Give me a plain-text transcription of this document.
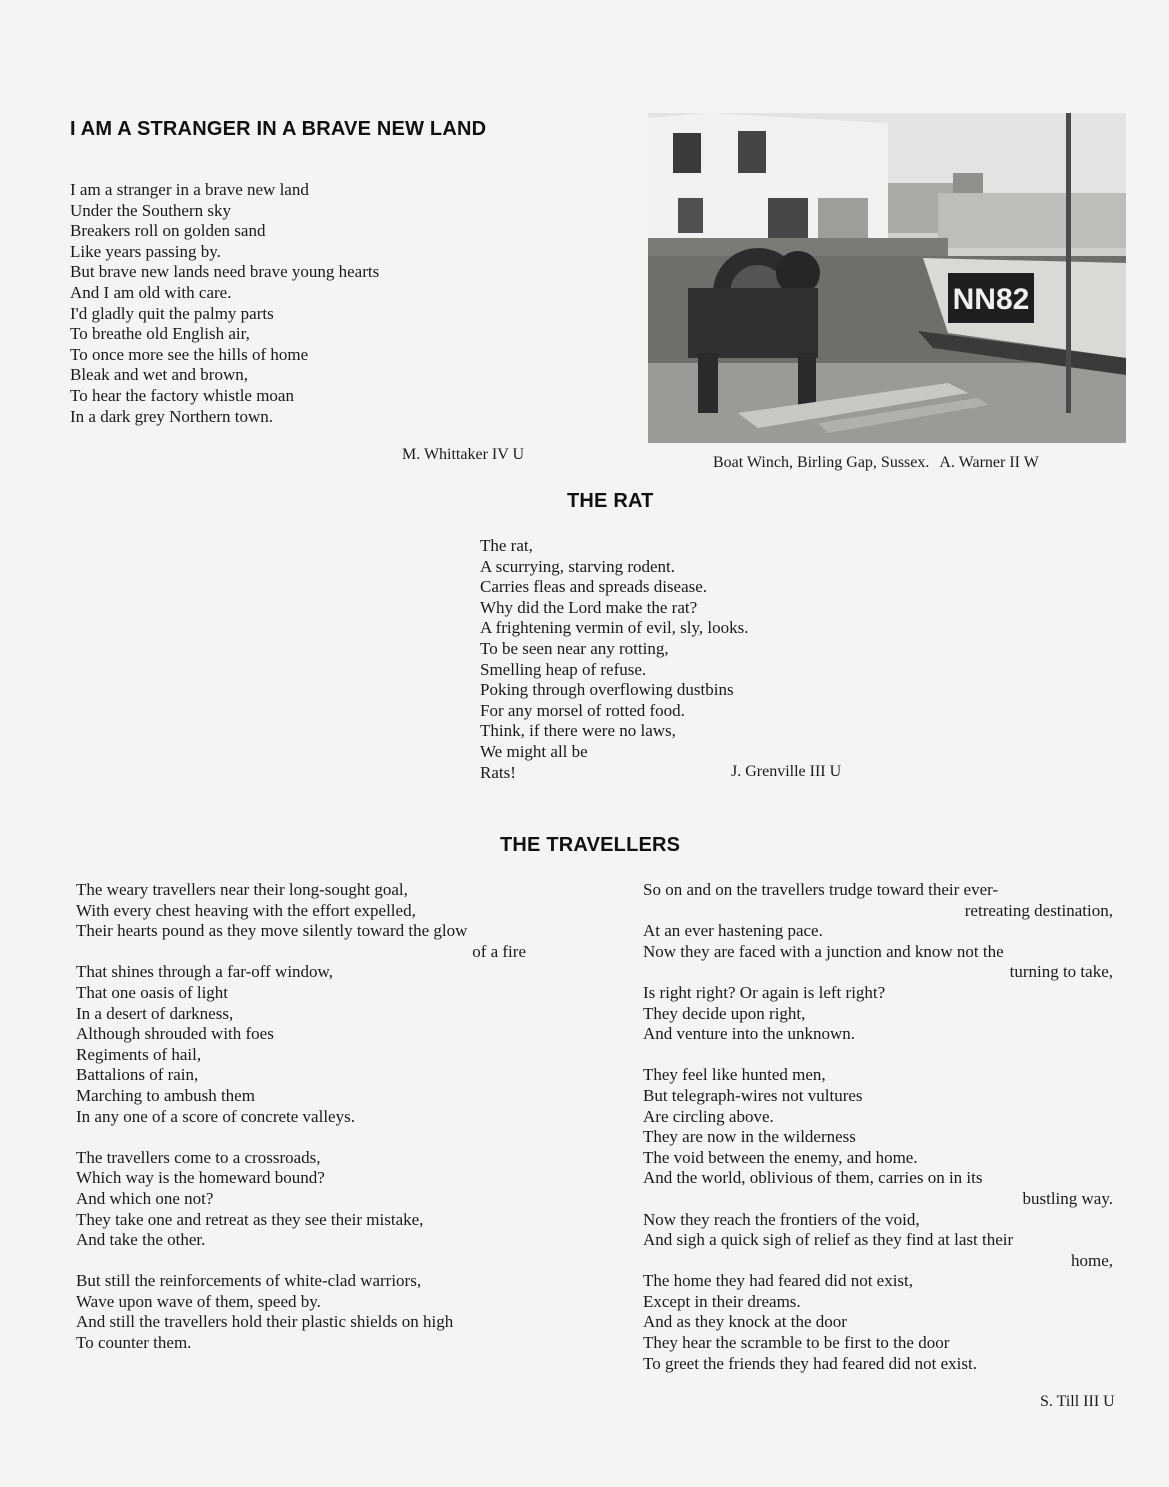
I AM A STRANGER IN A BRAVE NEW LAND
I am a stranger in a brave new land
Under the Southern sky
Breakers roll on golden sand
Like years passing by.
But brave new lands need brave young hearts
And I am old with care.
I'd gladly quit the palmy parts
To breathe old English air,
To once more see the hills of home
Bleak and wet and brown,
To hear the factory whistle moan
In a dark grey Northern town.
M. Whittaker IV U
NN82
Boat Winch, Birling Gap, Sussex. A. Warner II W
THE RAT
The rat,
A scurrying, starving rodent.
Carries fleas and spreads disease.
Why did the Lord make the rat?
A frightening vermin of evil, sly, looks.
To be seen near any rotting,
Smelling heap of refuse.
Poking through overflowing dustbins
For any morsel of rotted food.
Think, if there were no laws,
We might all be
Rats!	J. Grenville III U
THE TRAVELLERS
The weary travellers near their long-sought goal,
With every chest heaving with the effort expelled,
Their hearts pound as they move silently toward the glow
of a fire
That shines through a far-off window,
That one oasis of light
In a desert of darkness,
Although shrouded with foes
Regiments of hail,
Battalions of rain,
Marching to ambush them
In any one of a score of concrete valleys.
The travellers come to a crossroads,
Which way is the homeward bound?
And which one not?
They take one and retreat as they see their mistake,
And take the other.
But still the reinforcements of white-clad warriors,
Wave upon wave of them, speed by.
And still the travellers hold their plastic shields on high
To counter them.
So on and on the travellers trudge toward their ever-
retreating destination,
At an ever hastening pace.
Now they are faced with a junction and know not the
turning to take,
Is right right? Or again is left right?
They decide upon right,
And venture into the unknown.
They feel like hunted men,
But telegraph-wires not vultures
Are circling above.
They are now in the wilderness
The void between the enemy, and home.
And the world, oblivious of them, carries on in its
bustling way.
Now they reach the frontiers of the void,
And sigh a quick sigh of relief as they find at last their
home,
The home they had feared did not exist,
Except in their dreams.
And as they knock at the door
They hear the scramble to be first to the door
To greet the friends they had feared did not exist.
S. Till III U
